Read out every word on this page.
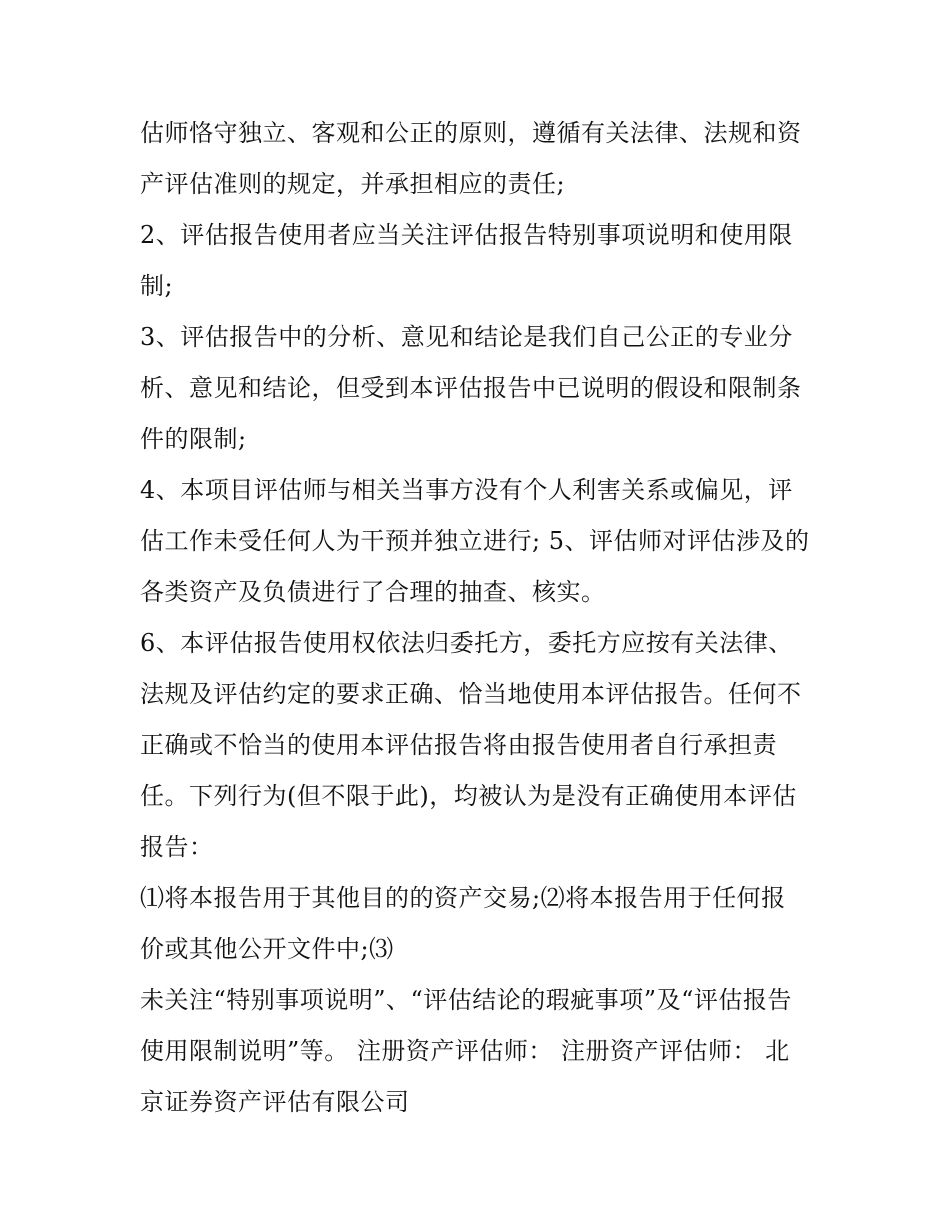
估师恪守独立、客观和公正的原则，遵循有关法律、法规和资
产评估准则的规定，并承担相应的责任;
2、评估报告使用者应当关注评估报告特别事项说明和使用限
制;
3、评估报告中的分析、意见和结论是我们自己公正的专业分
析、意见和结论，但受到本评估报告中已说明的假设和限制条
件的限制;
4、本项目评估师与相关当事方没有个人利害关系或偏见，评
估工作未受任何人为干预并独立进行; 5、评估师对评估涉及的
各类资产及负债进行了合理的抽查、核实。
6、本评估报告使用权依法归委托方，委托方应按有关法律、
法规及评估约定的要求正确、恰当地使用本评估报告。任何不
正确或不恰当的使用本评估报告将由报告使用者自行承担责
任。下列行为(但不限于此)，均被认为是没有正确使用本评估
报告：
⑴将本报告用于其他目的的资产交易;⑵将本报告用于任何报
价或其他公开文件中;⑶
未关注“特别事项说明”、“评估结论的瑕疵事项”及“评估报告
使用限制说明”等。 注册资产评估师： 注册资产评估师： 北
京证券资产评估有限公司
